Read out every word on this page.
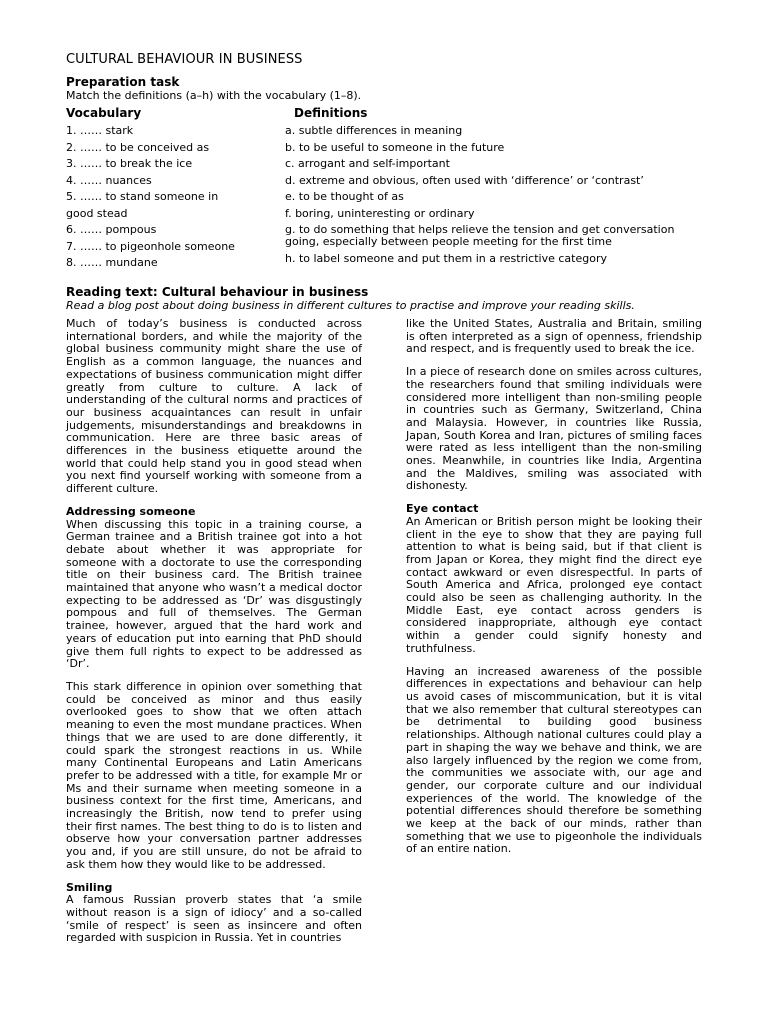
CULTURAL BEHAVIOUR IN BUSINESS
Preparation task
Match the definitions (a–h) with the vocabulary (1–8).
Vocabulary	Definitions
1. …… stark
2. …… to be conceived as
3. …… to break the ice
4. …… nuances
5. …… to stand someone in
good stead
6. …… pompous
7. …… to pigeonhole someone
8. …… mundane
a. subtle differences in meaning
b. to be useful to someone in the future
c. arrogant and self-important
d. extreme and obvious, often used with ‘difference’ or ‘contrast’
e. to be thought of as
f. boring, uninteresting or ordinary
g. to do something that helps relieve the tension and get conversation going, especially between people meeting for the first time
h. to label someone and put them in a restrictive category
Reading text: Cultural behaviour in business
Read a blog post about doing business in different cultures to practise and improve your reading skills.

Much of today’s business is conducted across international borders, and while the majority of the global business community might share the use of English as a common language, the nuances and expectations of business communication might differ greatly from culture to culture. A lack of understanding of the cultural norms and practices of our business acquaintances can result in unfair judgements, misunderstandings and breakdowns in communication. Here are three basic areas of differences in the business etiquette around the world that could help stand you in good stead when you next find yourself working with someone from a different culture.

Addressing someone

When discussing this topic in a training course, a German trainee and a British trainee got into a hot debate about whether it was appropriate for someone with a doctorate to use the corresponding title on their business card. The British trainee maintained that anyone who wasn’t a medical doctor expecting to be addressed as ‘Dr’ was disgustingly pompous and full of themselves. The German trainee, however, argued that the hard work and years of education put into earning that PhD should give them full rights to expect to be addressed as ‘Dr’.

This stark difference in opinion over something that could be conceived as minor and thus easily overlooked goes to show that we often attach meaning to even the most mundane practices. When things that we are used to are done differently, it could spark the strongest reactions in us. While many Continental Europeans and Latin Americans prefer to be addressed with a title, for example Mr or Ms and their surname when meeting someone in a business context for the first time, Americans, and increasingly the British, now tend to prefer using their first names. The best thing to do is to listen and observe how your conversation partner addresses you and, if you are still unsure, do not be afraid to ask them how they would like to be addressed.

Smiling

A famous Russian proverb states that ‘a smile without reason is a sign of idiocy’ and a so-called ‘smile of respect’ is seen as insincere and often regarded with suspicion in Russia. Yet in countries

like the United States, Australia and Britain, smiling is often interpreted as a sign of openness, friendship and respect, and is frequently used to break the ice.

In a piece of research done on smiles across cultures, the researchers found that smiling individuals were considered more intelligent than non-smiling people in countries such as Germany, Switzerland, China and Malaysia. However, in countries like Russia, Japan, South Korea and Iran, pictures of smiling faces were rated as less intelligent than the non-smiling ones. Meanwhile, in countries like India, Argentina and the Maldives, smiling was associated with dishonesty.

Eye contact

An American or British person might be looking their client in the eye to show that they are paying full attention to what is being said, but if that client is from Japan or Korea, they might find the direct eye contact awkward or even disrespectful. In parts of South America and Africa, prolonged eye contact could also be seen as challenging authority. In the Middle East, eye contact across genders is considered inappropriate, although eye contact within a gender could signify honesty and truthfulness.

Having an increased awareness of the possible differences in expectations and behaviour can help us avoid cases of miscommunication, but it is vital that we also remember that cultural stereotypes can be detrimental to building good business relationships. Although national cultures could play a part in shaping the way we behave and think, we are also largely influenced by the region we come from, the communities we associate with, our age and gender, our corporate culture and our individual experiences of the world. The knowledge of the potential differences should therefore be something we keep at the back of our minds, rather than something that we use to pigeonhole the individuals of an entire nation.
